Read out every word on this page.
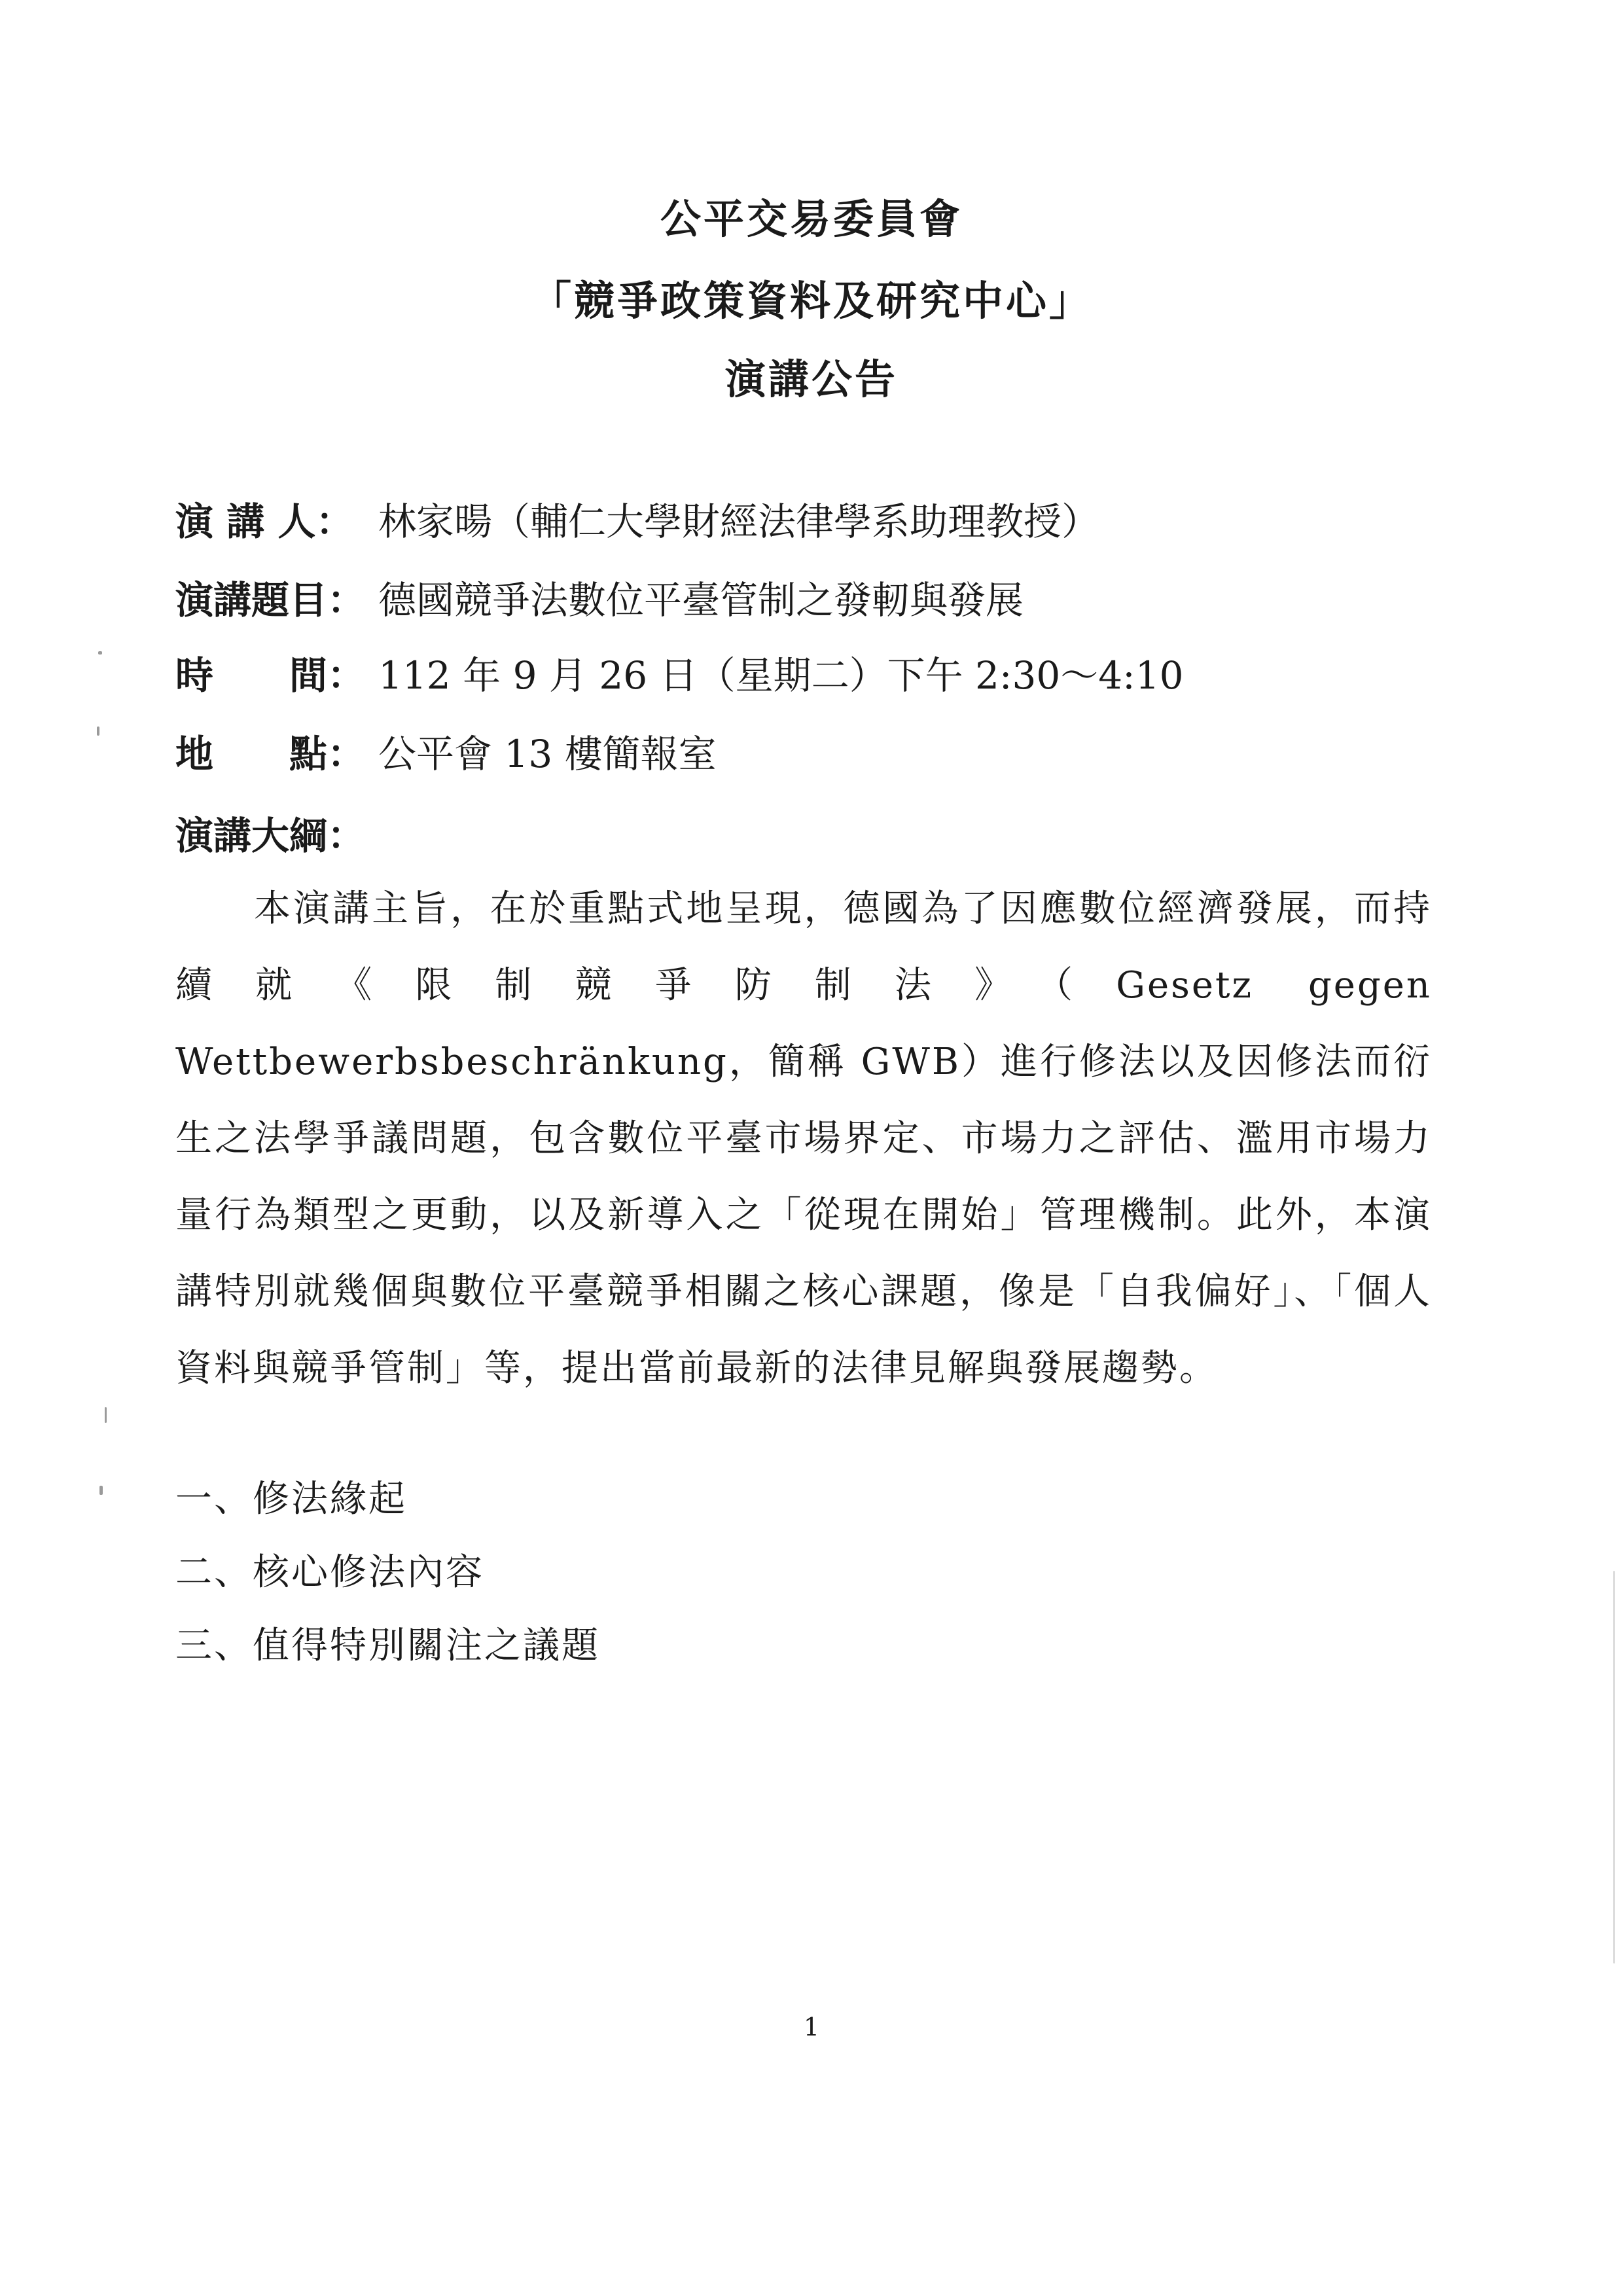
公平交易委員會
「競爭政策資料及研究中心」
演講公告
演 講 人： 林家暘（輔仁大學財經法律學系助理教授）
演講題目： 德國競爭法數位平臺管制之發軔與發展
時　　間： 112 年 9 月 26 日（星期二）下午 2:30～4:10
地　　點： 公平會 13 樓簡報室
演講大綱：
本演講主旨，在於重點式地呈現，德國為了因應數位經濟發展，而持續就《限制競爭防制法》（Gesetz gegen Wettbewerbsbeschränkung，簡稱 GWB）進行修法以及因修法而衍生之法學爭議問題，包含數位平臺市場界定、市場力之評估、濫用市場力量行為類型之更動，以及新導入之「從現在開始」管理機制。此外，本演講特別就幾個與數位平臺競爭相關之核心課題，像是「自我偏好」、「個人資料與競爭管制」等，提出當前最新的法律見解與發展趨勢。
一、修法緣起
二、核心修法內容
三、值得特別關注之議題
1
